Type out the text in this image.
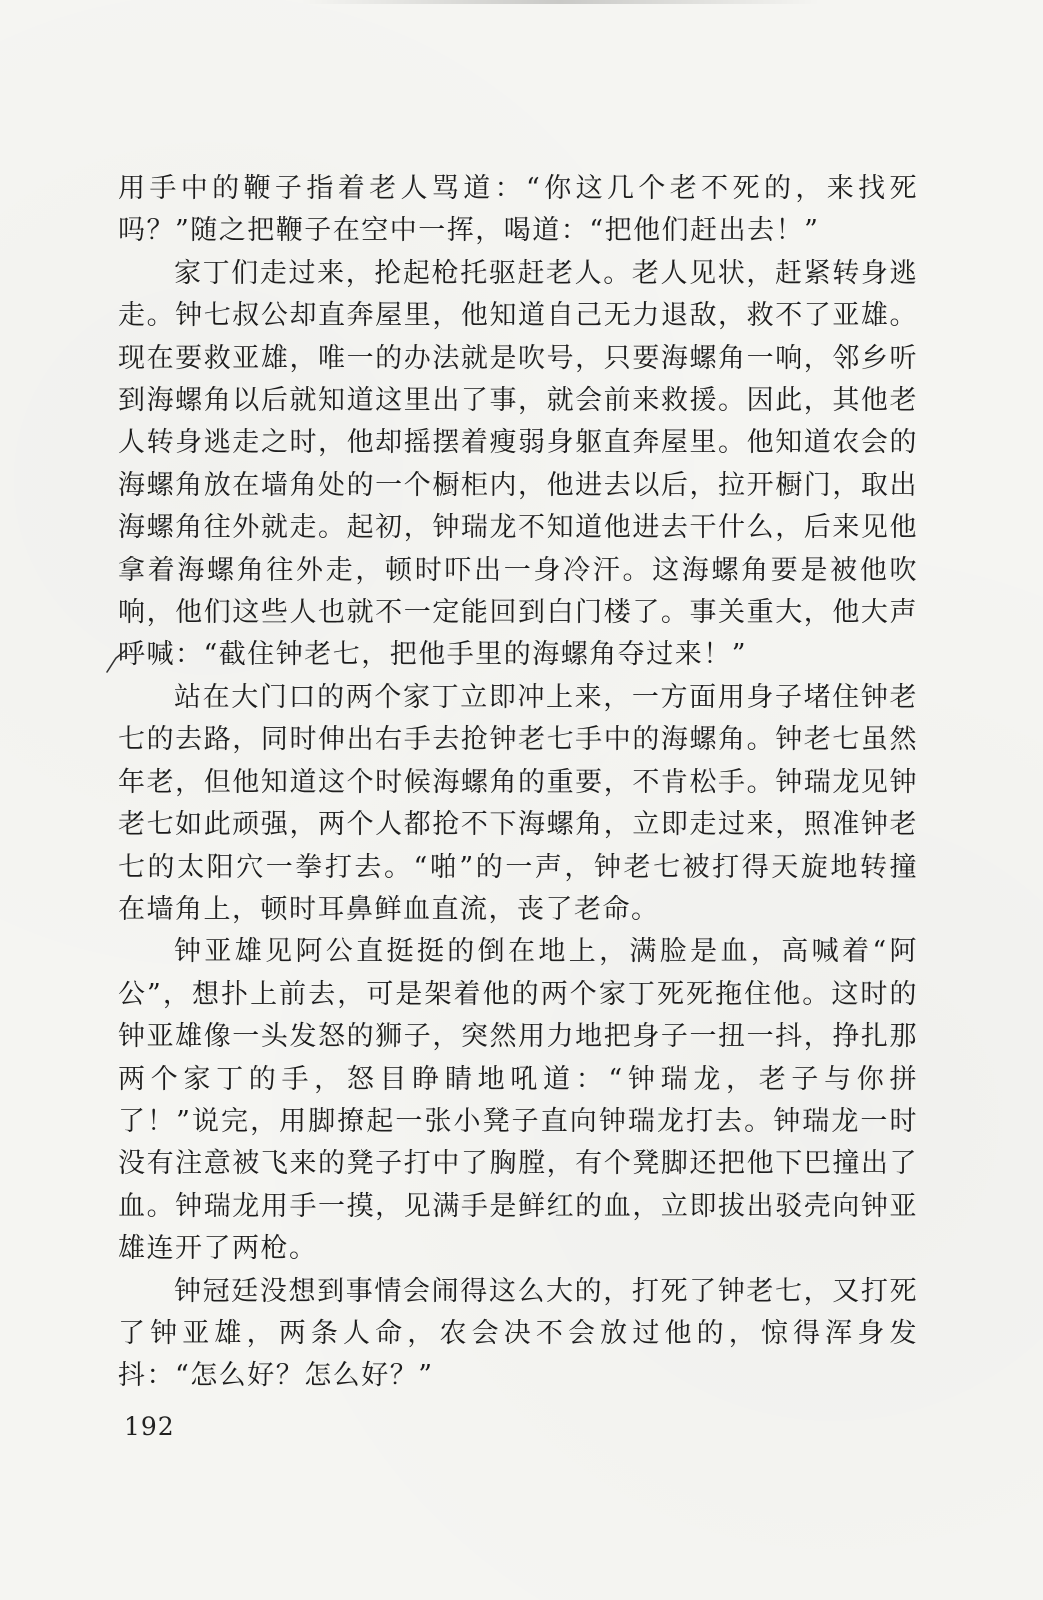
用手中的鞭子指着老人骂道：“你这几个老不死的，来找死吗？”随之把鞭子在空中一挥，喝道：“把他们赶出去！”

家丁们走过来，抡起枪托驱赶老人。老人见状，赶紧转身逃走。钟七叔公却直奔屋里，他知道自己无力退敌，救不了亚雄。现在要救亚雄，唯一的办法就是吹号，只要海螺角一响，邻乡听到海螺角以后就知道这里出了事，就会前来救援。因此，其他老人转身逃走之时，他却摇摆着瘦弱身躯直奔屋里。他知道农会的海螺角放在墙角处的一个橱柜内，他进去以后，拉开橱门，取出海螺角往外就走。起初，钟瑞龙不知道他进去干什么，后来见他拿着海螺角往外走，顿时吓出一身冷汗。这海螺角要是被他吹响，他们这些人也就不一定能回到白门楼了。事关重大，他大声呼喊：“截住钟老七，把他手里的海螺角夺过来！”

站在大门口的两个家丁立即冲上来，一方面用身子堵住钟老七的去路，同时伸出右手去抢钟老七手中的海螺角。钟老七虽然年老，但他知道这个时候海螺角的重要，不肯松手。钟瑞龙见钟老七如此顽强，两个人都抢不下海螺角，立即走过来，照准钟老七的太阳穴一拳打去。“啪”的一声，钟老七被打得天旋地转撞在墙角上，顿时耳鼻鲜血直流，丧了老命。

钟亚雄见阿公直挺挺的倒在地上，满脸是血，高喊着“阿公”，想扑上前去，可是架着他的两个家丁死死拖住他。这时的钟亚雄像一头发怒的狮子，突然用力地把身子一扭一抖，挣扎那两个家丁的手，怒目睁睛地吼道：“钟瑞龙，老子与你拼了！”说完，用脚撩起一张小凳子直向钟瑞龙打去。钟瑞龙一时没有注意被飞来的凳子打中了胸膛，有个凳脚还把他下巴撞出了血。钟瑞龙用手一摸，见满手是鲜红的血，立即拔出驳壳向钟亚雄连开了两枪。

钟冠廷没想到事情会闹得这么大的，打死了钟老七，又打死了钟亚雄，两条人命，农会决不会放过他的，惊得浑身发抖：“怎么好？怎么好？”

192
